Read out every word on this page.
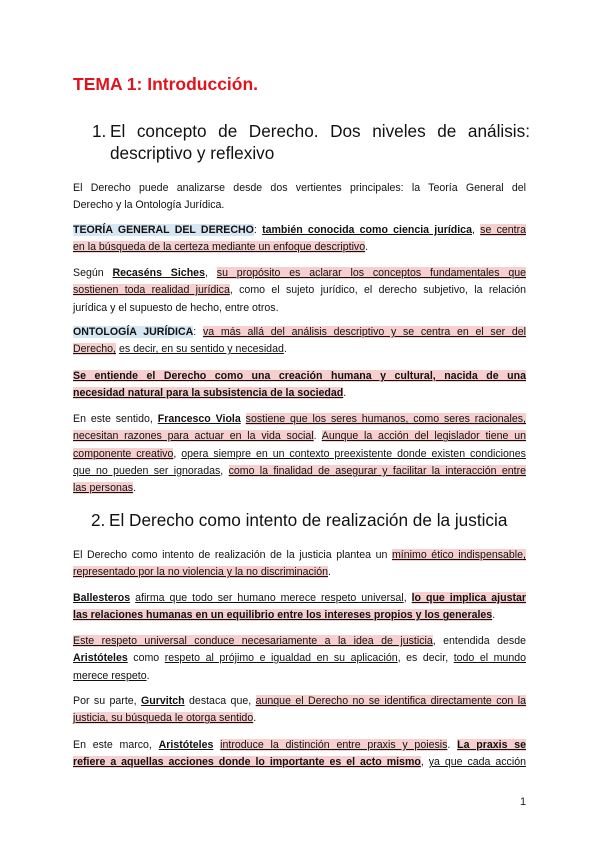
TEMA 1: Introducción.
1. El concepto de Derecho. Dos niveles de análisis:
descriptivo y reflexivo

El Derecho puede analizarse desde dos vertientes principales: la Teoría General del
Derecho y la Ontología Jurídica.

TEORÍA GENERAL DEL DERECHO: también conocida como ciencia jurídica, se centra
en la búsqueda de la certeza mediante un enfoque descriptivo.

Según Recaséns Siches, su propósito es aclarar los conceptos fundamentales que
sostienen toda realidad jurídica, como el sujeto jurídico, el derecho subjetivo, la relación
jurídica y el supuesto de hecho, entre otros.

ONTOLOGÍA JURÍDICA: va más allá del análisis descriptivo y se centra en el ser del
Derecho, es decir, en su sentido y necesidad.

Se entiende el Derecho como una creación humana y cultural, nacida de una
necesidad natural para la subsistencia de la sociedad.

En este sentido, Francesco Viola sostiene que los seres humanos, como seres racionales,
necesitan razones para actuar en la vida social. Aunque la acción del legislador tiene un
componente creativo, opera siempre en un contexto preexistente donde existen condiciones
que no pueden ser ignoradas, como la finalidad de asegurar y facilitar la interacción entre
las personas.

2. El Derecho como intento de realización de la justicia

El Derecho como intento de realización de la justicia plantea un mínimo ético indispensable,
representado por la no violencia y la no discriminación.

Ballesteros afirma que todo ser humano merece respeto universal, lo que implica ajustar
las relaciones humanas en un equilibrio entre los intereses propios y los generales.

Este respeto universal conduce necesariamente a la idea de justicia, entendida desde
Aristóteles como respeto al prójimo e igualdad en su aplicación, es decir, todo el mundo
merece respeto.

Por su parte, Gurvitch destaca que, aunque el Derecho no se identifica directamente con la
justicia, su búsqueda le otorga sentido.

En este marco, Aristóteles introduce la distinción entre praxis y poiesis. La praxis se
refiere a aquellas acciones donde lo importante es el acto mismo, ya que cada acción

1
